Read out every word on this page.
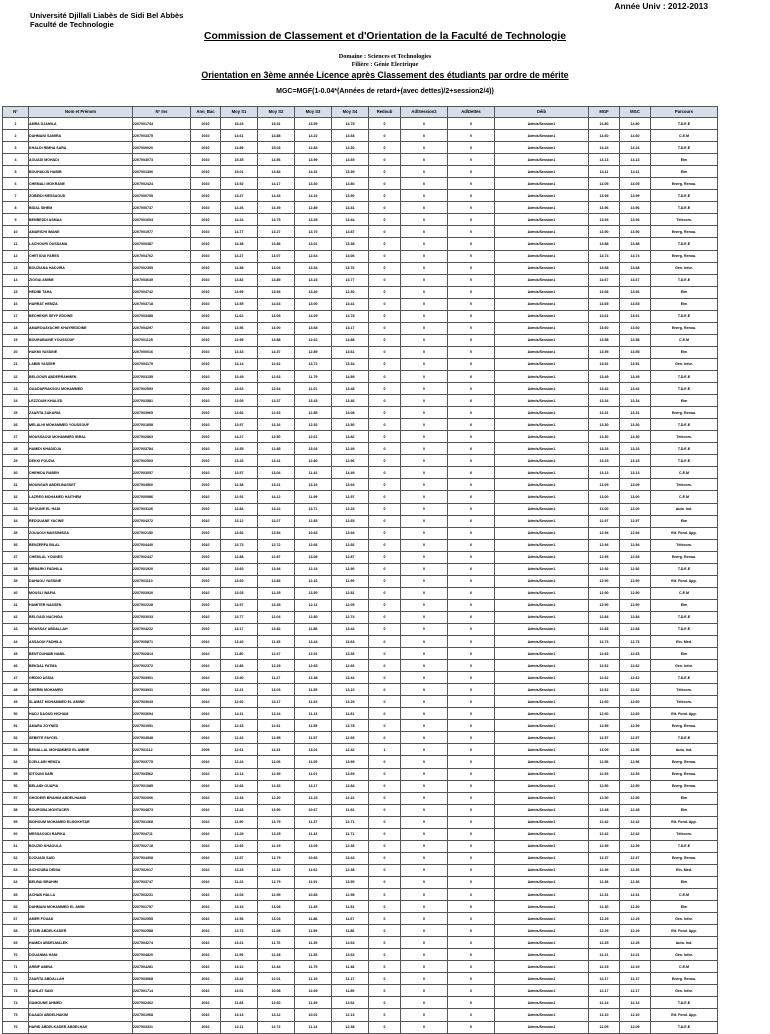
Année Univ : 2012-2013
Université Djillali Liabès de Sidi Bel Abbès
Faculté de Technologie
Commission de Classement et d'Orientation de la Faculté de Technologie
Domaine : Sciences et Technologies
Filière : Génie Electrique
Orientation en 3ème année Licence après Classement des étudiants par ordre de mérite
MGC=MGF(1-0.04*(Années de retard+(avec dettes)/2+session2/4))
N°	Nom et Prénom	N° Ins	Ann_Bac	Moy S1	Moy S2	Moy S3	Moy S4	Redoub	Ad/Session2	Ad/Dettes	Déib	MGF	MGC	Parcours
1	AMRA DJAMILA	2207001744	2010	15.23	15.31	13.99	14.75	0	0	0	Admis/Session1	14.80	14.80	T.D.E.E
2	DAHMANI SAMIRA	2207003375	2010	14.61	14.88	14.22	14.68	0	0	0	Admis/Session1	14.60	14.60	C.E.M
3	KHALDI RIMHA SARA	2207000020	2010	14.89	15.03	12.83	14.30	0	0	0	Admis/Session1	14.24	14.24	T.D.E.E
4	AOUADI MOHADI	2207003073	2010	15.35	14.56	13.99	14.69	0	0	0	Admis/Session1	14.13	14.13	Elm
5	BOUHADJS HABIB	2207001306	2010	15.01	13.84	14.31	13.39	0	0	0	Admis/Session1	14.11	14.11	Elm
6	CHEMALI MOKRANE	2207002424	2010	13.92	14.17	13.30	14.80	0	0	0	Admis/Session1	14.05	14.05	Energ. Renou.
7	ZOBEIDI MESSAOUD	2207000755	2010	13.47	14.43	14.16	13.90	0	0	0	Admis/Session1	13.99	13.99	T.D.E.E
8	BIDAL SIHEM	2207000737	2010	14.26	14.39	12.89	14.31	0	0	0	Admis/Session1	13.96	13.96	T.D.E.E
9	BENBEDDI ASMAA	2207001604	2010	14.24	13.75	13.28	14.44	0	0	0	Admis/Session1	13.93	13.93	Télécom.
10	AMARICHI IMANE	2207001977	2010	14.77	13.27	13.70	14.87	0	0	0	Admis/Session1	13.90	13.90	Energ. Renou.
11	LACHOURI OUSSAMA	2207000387	2010	14.38	13.86	13.01	13.38	0	0	0	Admis/Session1	13.88	13.88	T.D.E.E
12	CHETIOUI FARES	2207004762	2010	14.27	13.07	12.64	14.06	0	0	0	Admis/Session1	13.74	13.74	Energ. Renou.
13	BOUZIANA HADJIRA	2207002395	2010	14.58	13.04	13.34	13.76	0	0	0	Admis/Session1	13.68	13.68	Gen. Infor.
14	ZIGGAI AMINE	2207003649	2010	13.82	13.85	13.23	13.77	0	0	0	Admis/Session1	13.67	13.67	T.D.E.E
15	HEDIBI TAHA	2207004742	2010	14.99	13.94	13.40	12.30	0	0	0	Admis/Session1	13.66	13.66	Elm
16	HARRAT HEMZA	2207003718	2010	14.55	14.63	13.00	13.41	0	0	0	Admis/Session1	13.65	13.65	Elm
17	BECHEKIR SEYF EDDINE	2207003485	2010	11.62	13.05	14.09	14.78	0	0	0	Admis/Session1	13.61	13.61	T.D.E.E
18	AMAROUAYACHE KHAYREDDINE	2207004297	2010	13.56	14.00	13.68	13.17	0	0	0	Admis/Session1	13.60	13.60	Energ. Renou.
19	BOURABAINE YOUSSOUF	2207001125	2010	12.95	13.88	12.62	14.88	0	0	0	Admis/Session1	13.58	13.58	C.E.M
20	HAKMI YASSINE	2207000016	2010	13.33	14.37	12.89	13.61	0	0	0	Admis/Session1	13.55	13.55	Elm
21	LABIB YASSER	2207004179	2010	14.14	12.62	13.72	13.34	0	0	0	Admis/Session1	13.51	13.51	Gen. Infor.
22	BELGOUR ABDERRAHMEN	2207003155	2010	13.49	12.63	11.79	14.89	0	0	0	Admis/Session1	13.49	13.49	T.D.E.E
23	OUADAFRAKSOU MOHAMMED	2207002593	2010	13.63	12.64	11.01	13.48	0	0	0	Admis/Session1	13.42	13.42	T.D.E.E
24	LEZZOUM KHALED	2207002581	2010	13.09	13.37	13.43	13.46	0	0	0	Admis/Session1	13.34	13.34	Elm
25	ZAARTA ZAKARIA	2207003965	2010	14.66	12.63	12.85	13.08	0	0	0	Admis/Session1	13.31	13.31	Energ. Renou.
26	MELALHI MOHAMMED YOUSSOUF	2207001858	2010	13.97	13.16	12.52	13.50	0	0	0	Admis/Session1	13.30	13.30	T.D.E.E
27	MOUSSAOUI MOHAMMED IBRAL	2207002863	2010	14.27	12.50	12.61	13.82	0	0	0	Admis/Session1	13.30	13.30	Télécom.
28	HAMIDI KHADIDJA	2207003784	2010	14.55	12.85	13.03	12.49	0	0	0	Admis/Session1	13.23	13.23	T.D.E.E
29	DEKKI FOUZIA	2207002503	2010	13.43	13.41	12.80	12.96	0	0	0	Admis/Session1	13.15	13.15	T.D.E.E
30	CHEHIDA RABEH	2207003057	2010	13.57	13.04	11.42	14.49	0	0	0	Admis/Session1	13.13	13.13	C.E.M
31	MOUNGAR ABDELBASSET	2207004560	2010	12.38	13.21	13.16	13.69	0	0	0	Admis/Session1	13.09	13.09	Télécom.
32	LAZREG MOHAMED HAITHEM	2207000986	2010	12.91	14.12	11.99	12.97	0	0	0	Admis/Session1	13.00	13.00	C.E.M
33	SIFOUNE EL HADI	2207003126	2010	12.84	13.22	13.71	12.23	0	0	0	Admis/Session1	13.00	13.00	Auto. Ind.
34	REDOUANE YACINE	2207004372	2010	13.12	13.27	12.83	12.65	0	0	0	Admis/Session1	12.97	12.97	Elm
35	ZOUAOUI MASSINISSA	2207002150	2010	13.66	13.54	10.63	13.94	0	0	0	Admis/Session1	12.94	12.94	Ett. Fond. App.
36	BENZERFA BILAL	2207004440	2010	13.73	12.72	12.66	12.66	0	0	0	Admis/Session1	12.94	12.94	Télécom.
37	CHEMLAL YOUNES	2207002447	2010	12.88	12.87	13.08	12.87	0	0	0	Admis/Session1	12.93	12.93	Energ. Renou.
38	MEBARKI FADHILA	2207001920	2010	13.60	13.94	12.24	12.90	0	0	0	Admis/Session1	12.92	12.92	T.D.E.E
39	DAHAOU YASSINE	2207001110	2010	13.60	13.83	12.16	11.99	0	0	0	Admis/Session1	12.90	12.90	Ett. Fond. App.
40	MOUSLI WAFIA	2207003920	2010	13.03	12.25	13.50	12.81	0	0	0	Admis/Session1	12.90	12.90	C.E.M
41	HAMITER NASSEN	2207002228	2010	13.97	13.45	12.11	12.05	0	0	0	Admis/Session1	12.90	12.90	Elm
42	BELGAID NACHIDA	2207003033	2010	13.77	12.04	12.80	12.74	0	0	0	Admis/Session1	12.84	12.84	T.D.E.E
43	MOUSSAY ABDALLAH	2207004222	2010	13.17	13.82	11.88	13.44	0	0	0	Admis/Session1	12.83	12.83	T.D.E.E
44	ASSAOUI FADHILA	2207000871	2010	13.40	11.45	13.44	13.63	0	0	0	Admis/Session1	12.73	12.73	Eln. Med.
45	BENTOUHAMI NABIL	2207002814	2010	11.80	12.47	12.91	13.36	0	0	0	Admis/Session1	12.63	12.63	Elm
46	BEKDAL FATMA	2207002372	2010	12.86	12.29	12.65	12.66	0	0	0	Admis/Session1	12.62	12.62	Gen. Infor.
47	GRIDIO ASSIA	2207003901	2010	13.40	11.27	12.38	13.44	0	0	0	Admis/Session1	12.62	12.62	T.D.E.E
48	GHERBI MOHAMED	2207003931	2010	12.21	13.03	11.55	13.10	0	0	0	Admis/Session1	12.62	12.62	Télécom.
49	SLAMAT MOHAMMED EL AMINE	2207003043	2010	12.60	13.17	11.32	13.29	0	0	0	Admis/Session1	12.60	12.60	Télécom.
50	HADJ DAOUD HICHAM	2207003694	2010	14.11	13.24	11.13	11.81	0	0	0	Admis/Session1	12.60	12.60	Ett. Fond. App.
51	AMARA ZOYNED	2207001951	2010	12.43	12.61	11.55	13.78	0	0	0	Admis/Session1	12.59	12.59	Energ. Renou.
52	SEBETE FAYCEL	2207004548	2010	12.42	12.95	11.97	12.93	0	0	0	Admis/Session1	12.57	12.57	T.D.E.E
53	BENALLAL MOHAMMED EL AMINE	2207001112	2009	12.61	14.31	13.01	12.42	1	0	0	Admis/Session1	13.09	12.56	Auto. Ind.
54	DJELLABI HEMZA	2207003775	2010	12.24	12.06	11.05	13.99	0	0	0	Admis/Session1	12.56	12.56	Energ. Renou.
55	IDTOUNI SARI	2207003562	2010	13.14	12.39	11.01	13.69	0	0	0	Admis/Session1	12.53	12.53	Energ. Renou.
56	BELAIDI OUAFIA	2207001085	2010	12.66	12.33	13.17	12.84	0	0	0	Admis/Session1	12.50	12.50	Energ. Renou.
57	GHODEIR BRAHIM ABDELHAMID	2207002006	2010	12.34	12.20	12.23	12.22	0	0	0	Admis/Session1	12.50	12.50	Elm
58	BOUROBA MONTACER	2207004873	2010	13.43	13.90	10.67	11.92	0	0	0	Admis/Session1	12.48	12.48	Elm
59	SIDHOUM MOHAMED ELMOKHTAR	2207001368	2010	11.90	13.79	11.37	12.71	0	0	0	Admis/Session1	12.42	12.42	Ett. Fond. App.
60	MESSAOUDI RAFIKA	2207004711	2010	13.29	13.25	11.43	11.71	0	0	0	Admis/Session1	12.42	12.42	Télécom.
61	BOUZID KHAOULA	2207002718	2010	12.92	12.19	13.09	12.36	0	0	0	Admis/Session1	12.39	12.39	T.D.E.E
62	DJOUADI SAID	2207004308	2010	12.57	12.79	10.66	13.44	0	0	0	Admis/Session1	12.37	12.37	Energ. Renou.
63	AICHOUBA DENIA	2207002017	2010	13.23	12.22	11.62	12.38	0	0	0	Admis/Session1	12.36	12.36	Eln. Med.
64	BELBAI BRAHIM	2207003747	2010	11.23	12.79	11.91	13.50	0	0	0	Admis/Session1	12.36	12.36	Elm
65	ACHAB HALLA	2207003231	2010	13.04	12.59	10.83	12.98	0	0	0	Admis/Session1	12.31	12.31	C.E.M
66	DAHMANI MOHAMMED EL AMIN	2207001797	2010	13.16	13.08	11.45	11.51	0	0	0	Admis/Session1	12.30	12.30	Elm
67	AMER FOUAD	2207002955	2010	12.56	13.03	11.88	11.67	0	0	0	Admis/Session1	12.29	12.29	Gen. Infor.
68	ZITARI ABDELKADER	2207002588	2010	13.73	12.08	11.59	11.86	0	0	0	Admis/Session1	12.29	12.29	Ett. Fond. App.
69	HAMIDI ABDELMALEK	2207004274	2010	13.21	11.76	11.39	12.63	0	0	0	Admis/Session1	12.25	12.25	Auto. Ind.
70	DOUANMA HANI	2207004820	2010	11.99	12.28	11.35	13.63	0	0	0	Admis/Session1	12.21	12.21	Gen. Infor.
71	ARBIF AMINA	2207004281	2010	13.12	12.44	11.75	11.48	0	0	0	Admis/Session1	12.19	12.19	C.E.M
72	ZAARTA ABDALLAH	2207003968	2010	13.42	12.01	11.19	11.17	0	0	0	Admis/Session1	12.17	12.17	Energ. Renou.
73	KAHLAT SAID	2207001714	2010	13.01	10.08	12.69	11.89	0	0	0	Admis/Session1	12.17	12.17	Gen. Infor.
74	GAMOUNE AHMED	2207002462	2010	11.83	12.60	11.49	12.62	0	0	0	Admis/Session1	12.14	12.14	T.D.E.E
75	DAAADI ABDELHAKIM	2207001968	2010	13.13	13.12	10.01	12.13	0	0	0	Admis/Session1	12.10	12.10	Ett. Fond. App.
76	HARID ABDELKADER ABDELHAK	2207003331	2010	12.11	12.72	11.14	12.38	0	0	0	Admis/Session1	12.09	12.09	T.D.E.E
